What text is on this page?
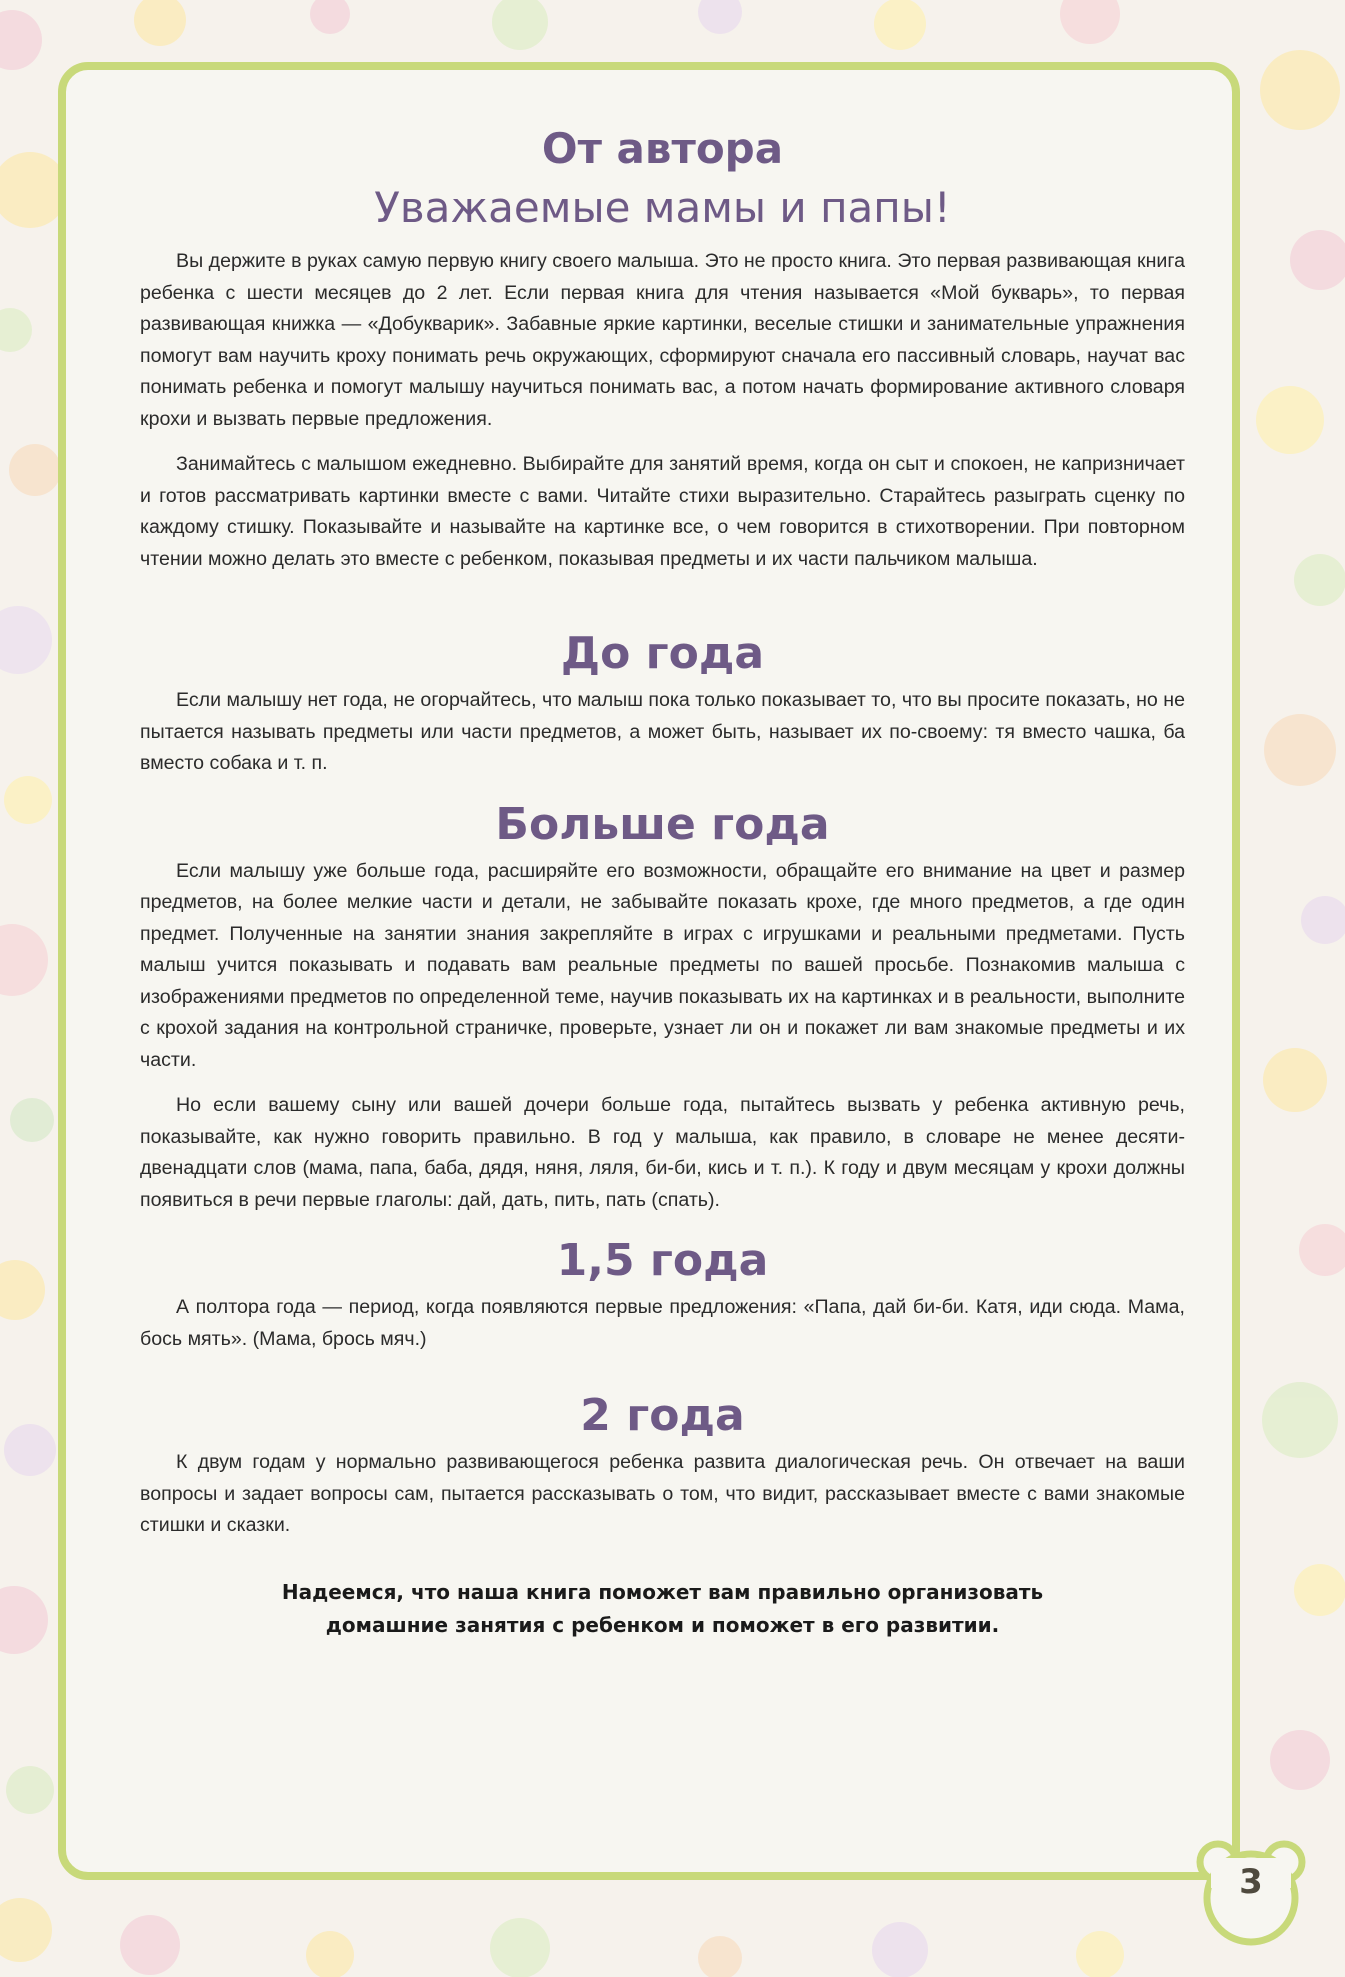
От автора
Уважаемые мамы и папы!

Вы держите в руках самую первую книгу своего малыша. Это не просто книга. Это первая развивающая книга ребенка с шести месяцев до 2 лет. Если первая книга для чтения называется «Мой букварь», то первая развивающая книжка — «Добукварик». Забавные яркие картинки, веселые стишки и занимательные упражнения помогут вам научить кроху понимать речь окружающих, сформируют сначала его пассивный словарь, научат вас понимать ребенка и помогут малышу научиться понимать вас, а потом начать формирование активного словаря крохи и вызвать первые предложения.

Занимайтесь с малышом ежедневно. Выбирайте для занятий время, когда он сыт и спокоен, не капризничает и готов рассматривать картинки вместе с вами. Читайте стихи выразительно. Старайтесь разыграть сценку по каждому стишку. Показывайте и называйте на картинке все, о чем говорится в стихотворении. При повторном чтении можно делать это вместе с ребенком, показывая предметы и их части пальчиком малыша.

До года

Если малышу нет года, не огорчайтесь, что малыш пока только показывает то, что вы просите показать, но не пытается называть предметы или части предметов, а может быть, называет их по-своему: тя вместо чашка, ба вместо собака и т. п.

Больше года

Если малышу уже больше года, расширяйте его возможности, обращайте его внимание на цвет и размер предметов, на более мелкие части и детали, не забывайте показать крохе, где много предметов, а где один предмет. Полученные на занятии знания закрепляйте в играх с игрушками и реальными предметами. Пусть малыш учится показывать и подавать вам реальные предметы по вашей просьбе. Познакомив малыша с изображениями предметов по определенной теме, научив показывать их на картинках и в реальности, выполните с крохой задания на контрольной страничке, проверьте, узнает ли он и покажет ли вам знакомые предметы и их части.

Но если вашему сыну или вашей дочери больше года, пытайтесь вызвать у ребенка активную речь, показывайте, как нужно говорить правильно. В год у малыша, как правило, в словаре не менее десяти-двенадцати слов (мама, папа, баба, дядя, няня, ляля, би-би, кись и т. п.). К году и двум месяцам у крохи должны появиться в речи первые глаголы: дай, дать, пить, пать (спать).

1,5 года

А полтора года — период, когда появляются первые предложения: «Папа, дай би-би. Катя, иди сюда. Мама, бось мять». (Мама, брось мяч.)

2 года

К двум годам у нормально развивающегося ребенка развита диалогическая речь. Он отвечает на ваши вопросы и задает вопросы сам, пытается рассказывать о том, что видит, рассказывает вместе с вами знакомые стишки и сказки.

Надеемся, что наша книга поможет вам правильно организовать
домашние занятия с ребенком и поможет в его развитии.
3
